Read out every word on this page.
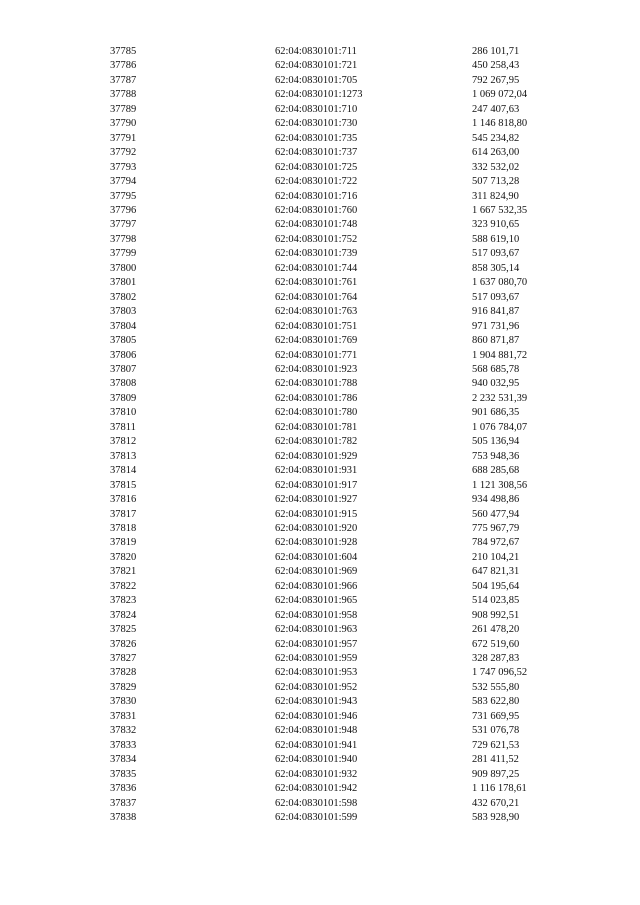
37785	62:04:0830101:711	286 101,71
37786	62:04:0830101:721	450 258,43
37787	62:04:0830101:705	792 267,95
37788	62:04:0830101:1273	1 069 072,04
37789	62:04:0830101:710	247 407,63
37790	62:04:0830101:730	1 146 818,80
37791	62:04:0830101:735	545 234,82
37792	62:04:0830101:737	614 263,00
37793	62:04:0830101:725	332 532,02
37794	62:04:0830101:722	507 713,28
37795	62:04:0830101:716	311 824,90
37796	62:04:0830101:760	1 667 532,35
37797	62:04:0830101:748	323 910,65
37798	62:04:0830101:752	588 619,10
37799	62:04:0830101:739	517 093,67
37800	62:04:0830101:744	858 305,14
37801	62:04:0830101:761	1 637 080,70
37802	62:04:0830101:764	517 093,67
37803	62:04:0830101:763	916 841,87
37804	62:04:0830101:751	971 731,96
37805	62:04:0830101:769	860 871,87
37806	62:04:0830101:771	1 904 881,72
37807	62:04:0830101:923	568 685,78
37808	62:04:0830101:788	940 032,95
37809	62:04:0830101:786	2 232 531,39
37810	62:04:0830101:780	901 686,35
37811	62:04:0830101:781	1 076 784,07
37812	62:04:0830101:782	505 136,94
37813	62:04:0830101:929	753 948,36
37814	62:04:0830101:931	688 285,68
37815	62:04:0830101:917	1 121 308,56
37816	62:04:0830101:927	934 498,86
37817	62:04:0830101:915	560 477,94
37818	62:04:0830101:920	775 967,79
37819	62:04:0830101:928	784 972,67
37820	62:04:0830101:604	210 104,21
37821	62:04:0830101:969	647 821,31
37822	62:04:0830101:966	504 195,64
37823	62:04:0830101:965	514 023,85
37824	62:04:0830101:958	908 992,51
37825	62:04:0830101:963	261 478,20
37826	62:04:0830101:957	672 519,60
37827	62:04:0830101:959	328 287,83
37828	62:04:0830101:953	1 747 096,52
37829	62:04:0830101:952	532 555,80
37830	62:04:0830101:943	583 622,80
37831	62:04:0830101:946	731 669,95
37832	62:04:0830101:948	531 076,78
37833	62:04:0830101:941	729 621,53
37834	62:04:0830101:940	281 411,52
37835	62:04:0830101:932	909 897,25
37836	62:04:0830101:942	1 116 178,61
37837	62:04:0830101:598	432 670,21
37838	62:04:0830101:599	583 928,90
